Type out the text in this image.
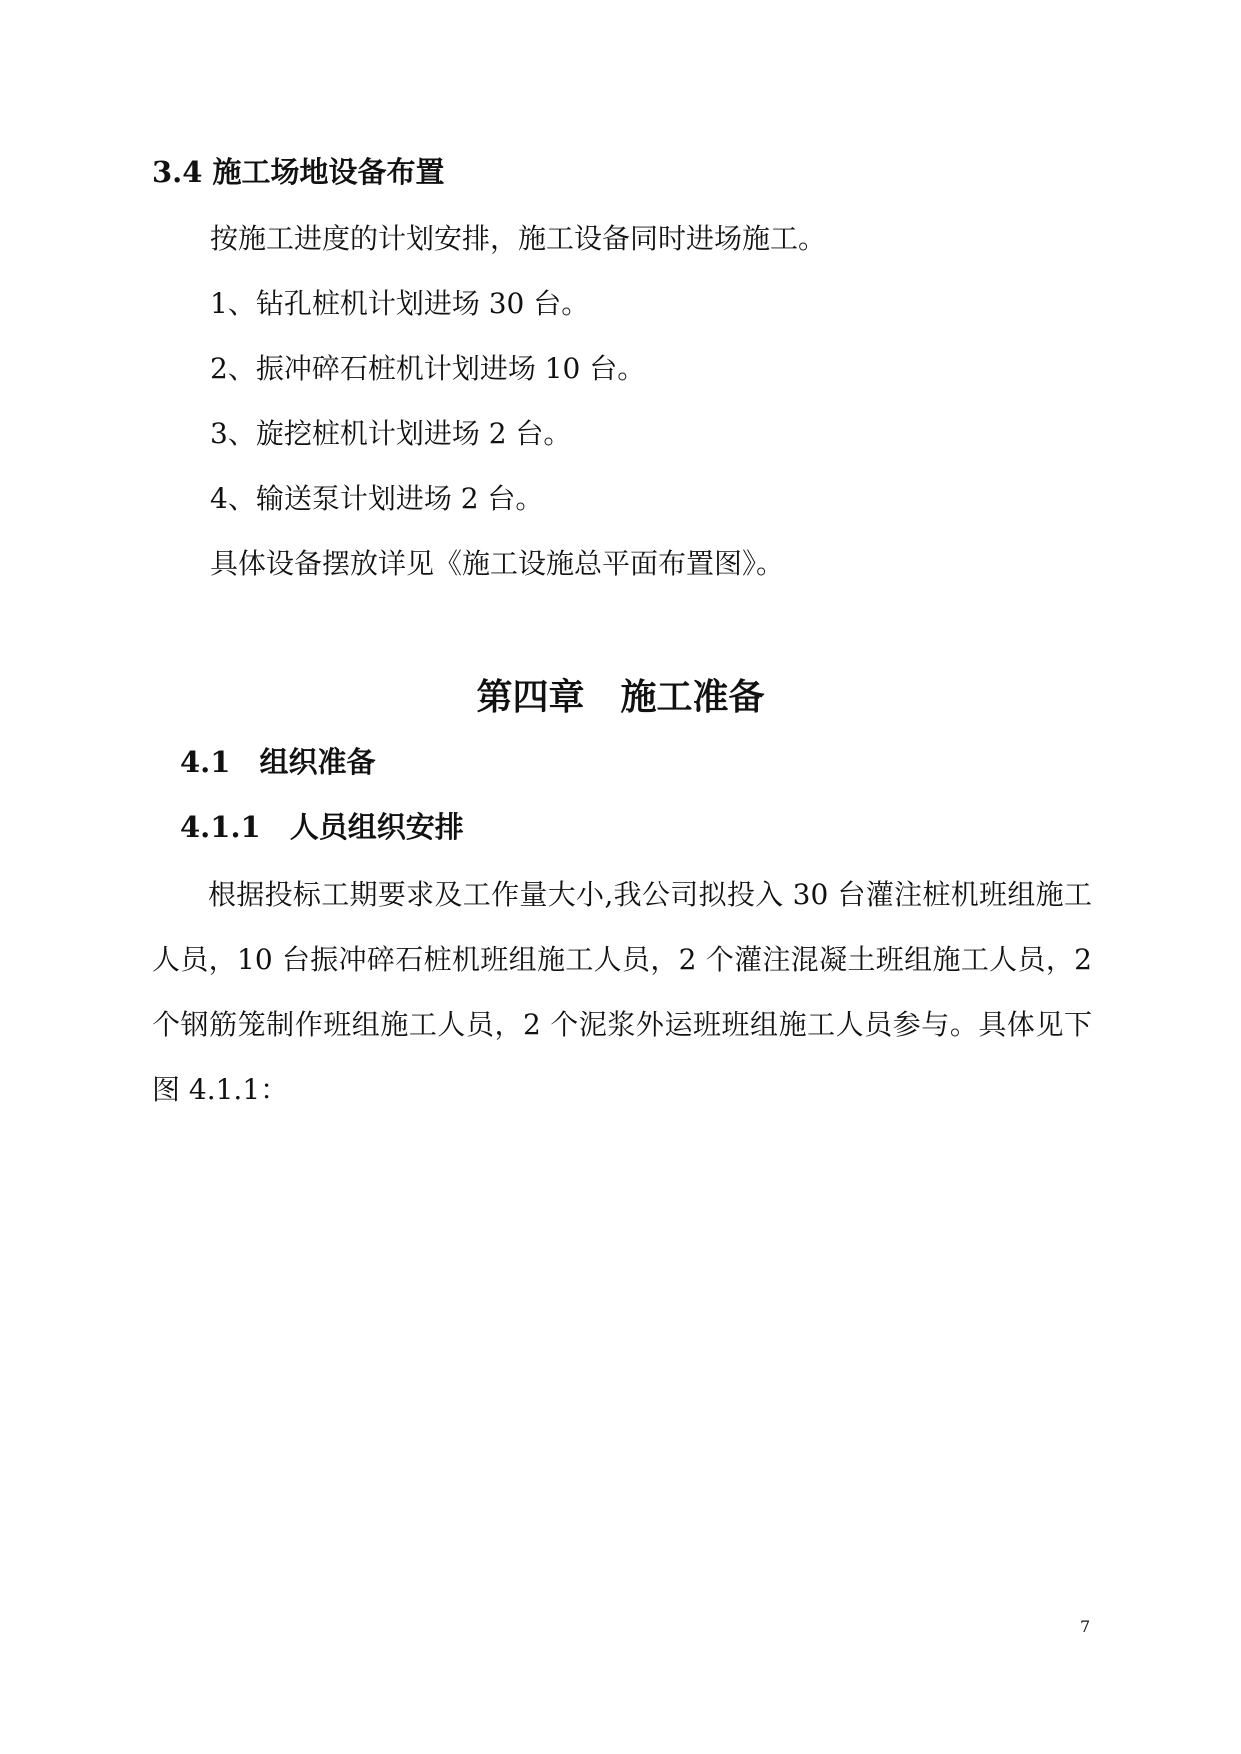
3.4 施工场地设备布置
按施工进度的计划安排，施工设备同时进场施工。
1、钻孔桩机计划进场 30 台。
2、振冲碎石桩机计划进场 10 台。
3、旋挖桩机计划进场 2 台。
4、输送泵计划进场 2 台。
具体设备摆放详见《施工设施总平面布置图》。
第四章　施工准备
4.1　组织准备
4.1.1　人员组织安排
根据投标工期要求及工作量大小,我公司拟投入 30 台灌注桩机班组施工人员，10 台振冲碎石桩机班组施工人员，2 个灌注混凝土班组施工人员，2 个钢筋笼制作班组施工人员，2 个泥浆外运班班组施工人员参与。具体见下图 4.1.1：
7
